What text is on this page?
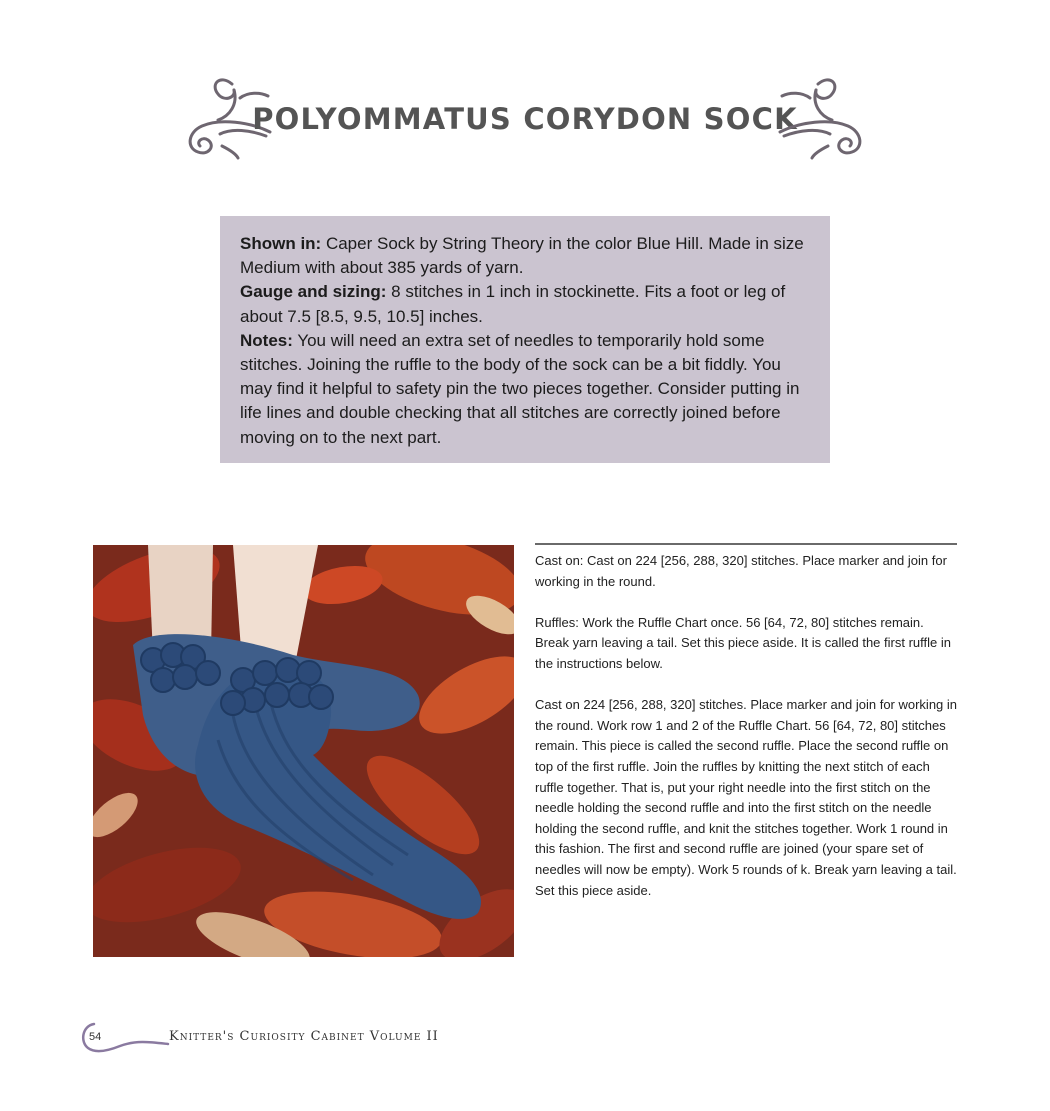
POLYOMMATUS CORYDON SOCK

Shown in: Caper Sock by String Theory in the color Blue Hill. Made in size Medium with about 385 yards of yarn.

Gauge and sizing: 8 stitches in 1 inch in stockinette. Fits a foot or leg of about 7.5 [8.5, 9.5, 10.5] inches.

Notes: You will need an extra set of needles to temporarily hold some stitches. Joining the ruffle to the body of the sock can be a bit fiddly. You may find it helpful to safety pin the two pieces together. Consider putting in life lines and double checking that all stitches are correctly joined before moving on to the next part.

Cast on: Cast on 224 [256, 288, 320] stitches. Place marker and join for working in the round.

Ruffles: Work the Ruffle Chart once. 56 [64, 72, 80] stitches remain. Break yarn leaving a tail. Set this piece aside. It is called the first ruffle in the instructions below.

Cast on 224 [256, 288, 320] stitches. Place marker and join for working in the round. Work row 1 and 2 of the Ruffle Chart. 56 [64, 72, 80] stitches remain. This piece is called the second ruffle. Place the second ruffle on top of the first ruffle. Join the ruffles by knitting the next stitch of each ruffle together. That is, put your right needle into the first stitch on the needle holding the second ruffle and into the first stitch on the needle holding the second ruffle, and knit the stitches together. Work 1 round in this fashion. The first and second ruffle are joined (your spare set of needles will now be empty). Work 5 rounds of k. Break yarn leaving a tail. Set this piece aside.

54	Knitter's Curiosity Cabinet Volume II
